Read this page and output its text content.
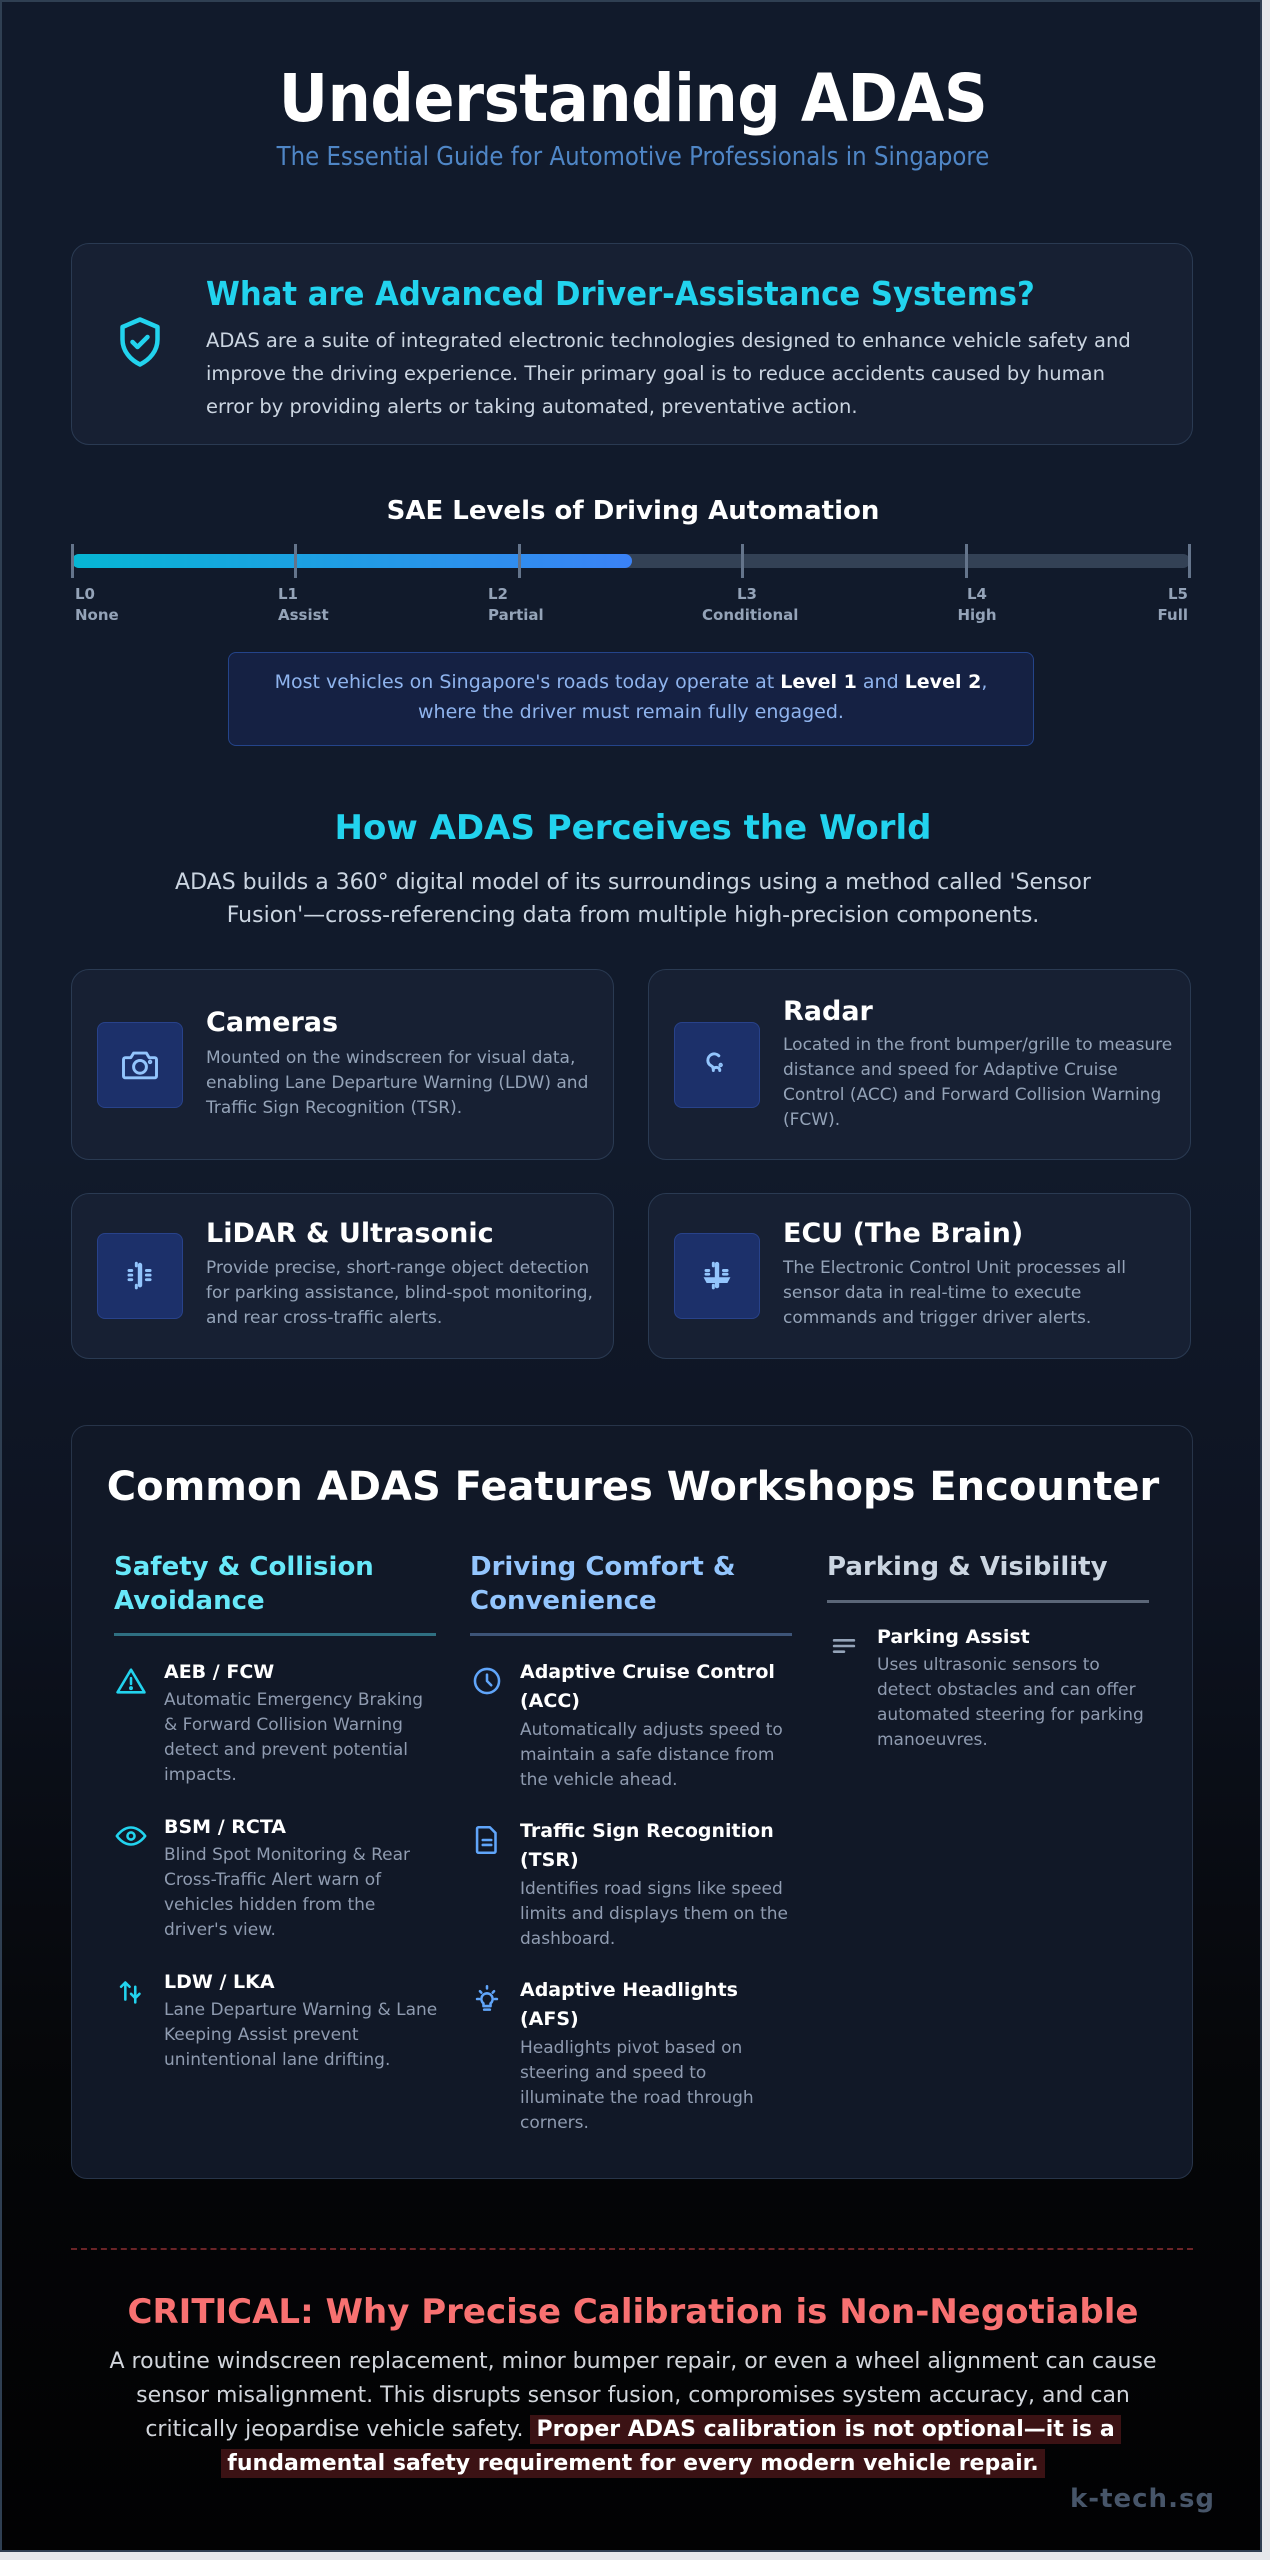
Understanding ADAS
The Essential Guide for Automotive Professionals in Singapore
What are Advanced Driver-Assistance Systems?
ADAS are a suite of integrated electronic technologies designed to enhance vehicle safety and improve the driving experience. Their primary goal is to reduce accidents caused by human error by providing alerts or taking automated, preventative action.
SAE Levels of Driving Automation
L0
None
L1
Assist
L2
Partial
L3
Conditional
L4
High
L5
Full
Most vehicles on Singapore's roads today operate at Level 1 and Level 2,
where the driver must remain fully engaged.
How ADAS Perceives the World
ADAS builds a 360° digital model of its surroundings using a method called 'Sensor Fusion'—cross-referencing data from multiple high-precision components.
Cameras
Mounted on the windscreen for visual data, enabling Lane Departure Warning (LDW) and Traffic Sign Recognition (TSR).
Radar
Located in the front bumper/grille to measure distance and speed for Adaptive Cruise Control (ACC) and Forward Collision Warning (FCW).
LiDAR & Ultrasonic
Provide precise, short-range object detection for parking assistance, blind-spot monitoring, and rear cross-traffic alerts.
ECU (The Brain)
The Electronic Control Unit processes all sensor data in real-time to execute commands and trigger driver alerts.
Common ADAS Features Workshops Encounter
Safety & Collision Avoidance
AEB / FCW
Automatic Emergency Braking & Forward Collision Warning detect and prevent potential impacts.
BSM / RCTA
Blind Spot Monitoring & Rear Cross-Traffic Alert warn of vehicles hidden from the driver's view.
LDW / LKA
Lane Departure Warning & Lane Keeping Assist prevent unintentional lane drifting.
Driving Comfort & Convenience
Adaptive Cruise Control (ACC)
Automatically adjusts speed to maintain a safe distance from the vehicle ahead.
Traffic Sign Recognition (TSR)
Identifies road signs like speed limits and displays them on the dashboard.
Adaptive Headlights (AFS)
Headlights pivot based on steering and speed to illuminate the road through corners.
Parking & Visibility
Parking Assist
Uses ultrasonic sensors to detect obstacles and can offer automated steering for parking manoeuvres.
CRITICAL: Why Precise Calibration is Non-Negotiable
A routine windscreen replacement, minor bumper repair, or even a wheel alignment can cause sensor misalignment. This disrupts sensor fusion, compromises system accuracy, and can critically jeopardise vehicle safety. Proper ADAS calibration is not optional—it is a fundamental safety requirement for every modern vehicle repair.
k-tech.sg
